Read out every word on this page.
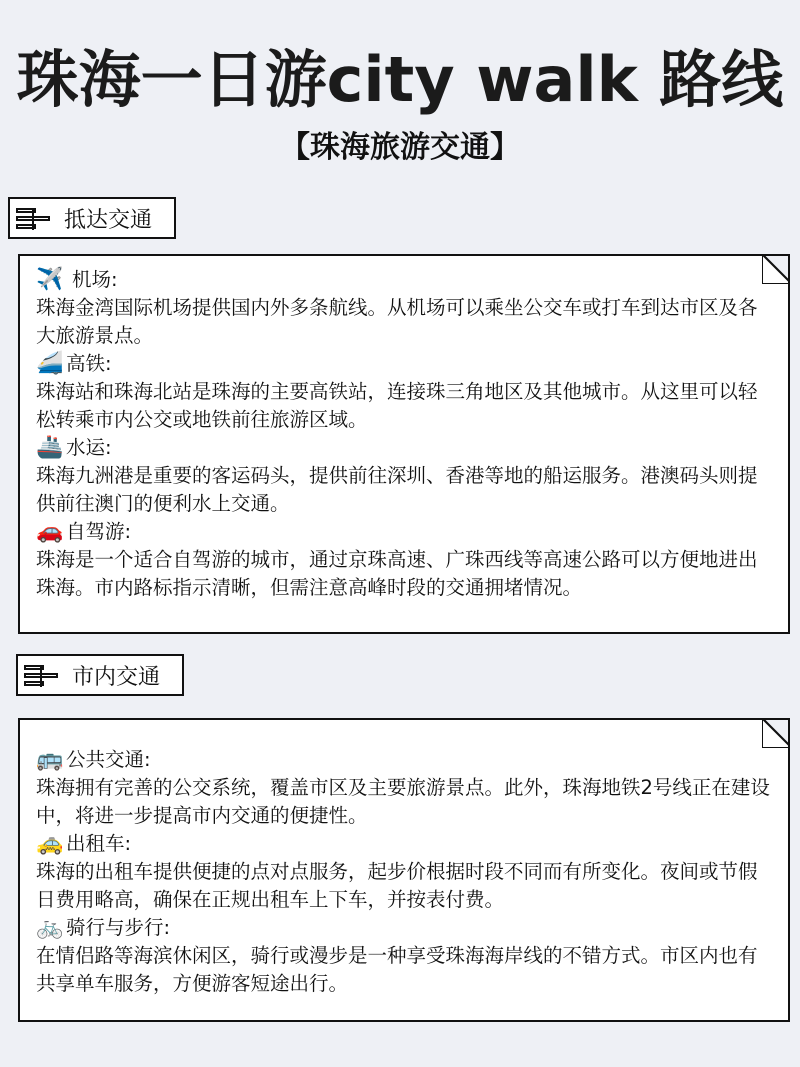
珠海一日游city walk 路线
【珠海旅游交通】
抵达交通
✈️ 机场:
珠海金湾国际机场提供国内外多条航线。从机场可以乘坐公交车或打车到达市区及各大旅游景点。
🚄 高铁:
珠海站和珠海北站是珠海的主要高铁站，连接珠三角地区及其他城市。从这里可以轻松转乘市内公交或地铁前往旅游区域。
🚢 水运:
珠海九洲港是重要的客运码头，提供前往深圳、香港等地的船运服务。港澳码头则提供前往澳门的便利水上交通。
🚗 自驾游:
珠海是一个适合自驾游的城市，通过京珠高速、广珠西线等高速公路可以方便地进出珠海。市内路标指示清晰，但需注意高峰时段的交通拥堵情况。
市内交通
🚌 公共交通:
珠海拥有完善的公交系统，覆盖市区及主要旅游景点。此外，珠海地铁2号线正在建设中，将进一步提高市内交通的便捷性。
🚕 出租车:
珠海的出租车提供便捷的点对点服务，起步价根据时段不同而有所变化。夜间或节假日费用略高，确保在正规出租车上下车，并按表付费。
🚲 骑行与步行:
在情侣路等海滨休闲区，骑行或漫步是一种享受珠海海岸线的不错方式。市区内也有共享单车服务，方便游客短途出行。
